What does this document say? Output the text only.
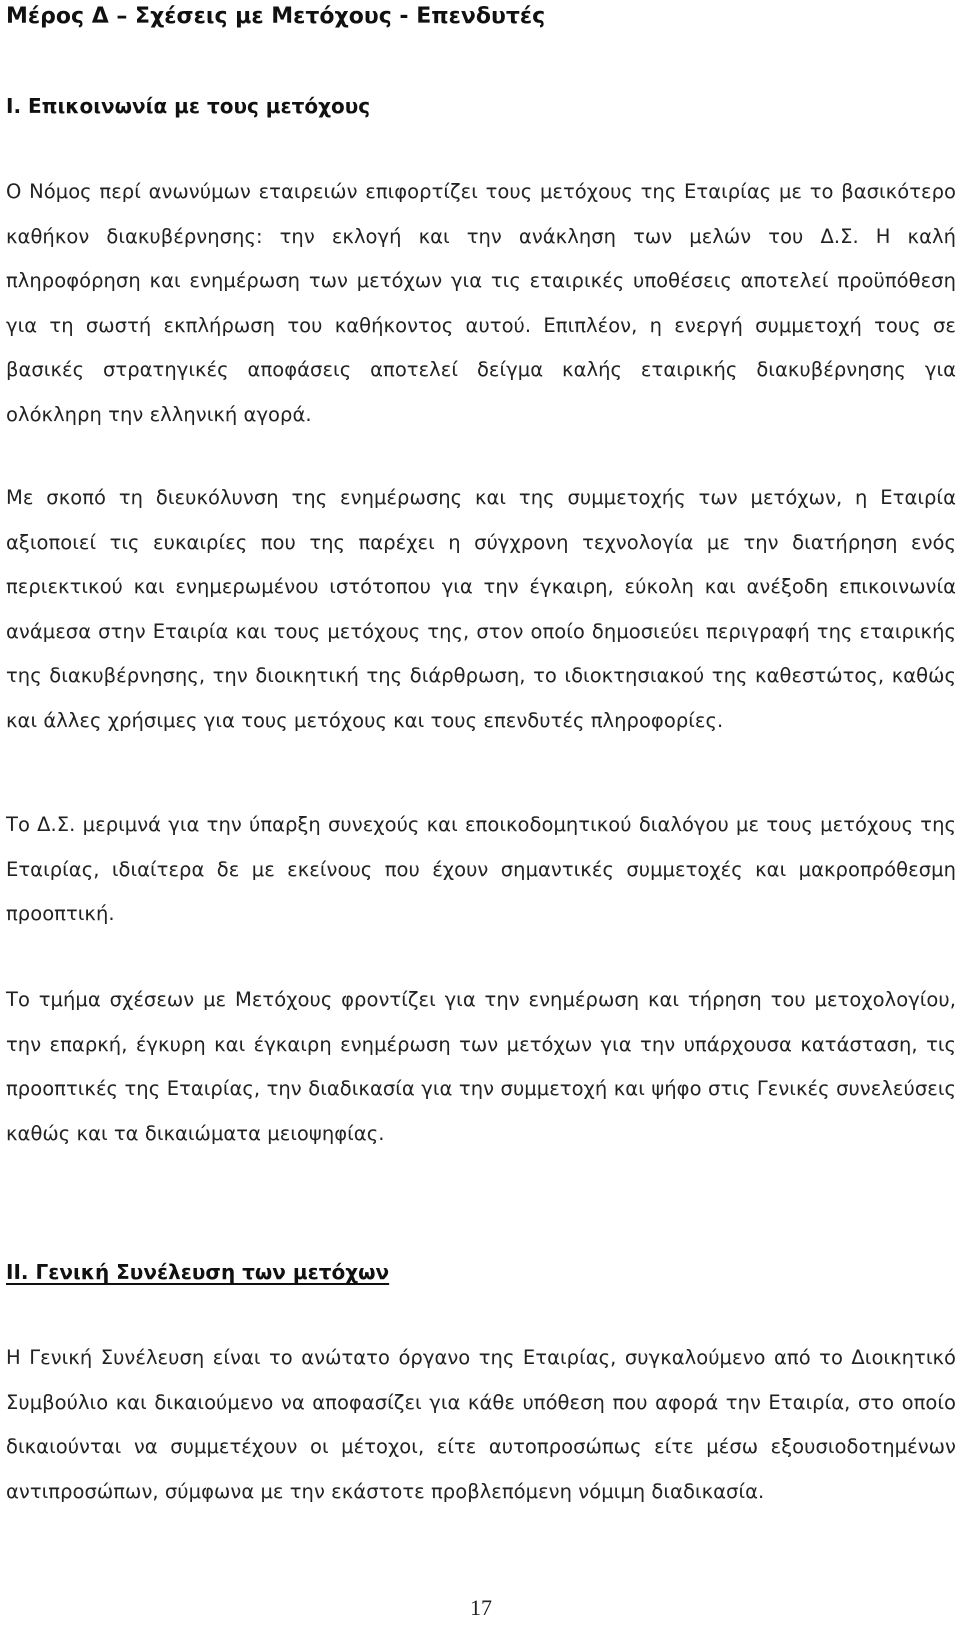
Μέρος Δ – Σχέσεις με Μετόχους - Επενδυτές
Ι. Επικοινωνία με τους μετόχους

Ο Νόμος περί ανωνύμων εταιρειών επιφορτίζει τους μετόχους της Εταιρίας με το βασικότερο καθήκον διακυβέρνησης: την εκλογή και την ανάκληση των μελών του Δ.Σ. Η καλή πληροφόρηση και ενημέρωση των μετόχων για τις εταιρικές υποθέσεις αποτελεί προϋπόθεση για τη σωστή εκπλήρωση του καθήκοντος αυτού. Επιπλέον, η ενεργή συμμετοχή τους σε βασικές στρατηγικές αποφάσεις αποτελεί δείγμα καλής εταιρικής διακυβέρνησης για ολόκληρη την ελληνική αγορά.

Με σκοπό τη διευκόλυνση της ενημέρωσης και της συμμετοχής των μετόχων, η Εταιρία αξιοποιεί τις ευκαιρίες που της παρέχει η σύγχρονη τεχνολογία με την διατήρηση ενός περιεκτικού και ενημερωμένου ιστότοπου για την έγκαιρη, εύκολη και ανέξοδη επικοινωνία ανάμεσα στην Εταιρία και τους μετόχους της, στον οποίο δημοσιεύει περιγραφή της εταιρικής της διακυβέρνησης, την διοικητική της διάρθρωση, το ιδιοκτησιακού της καθεστώτος, καθώς και άλλες χρήσιμες για τους μετόχους και τους επενδυτές πληροφορίες.

Το Δ.Σ. μεριμνά για την ύπαρξη συνεχούς και εποικοδομητικού διαλόγου με τους μετόχους της Εταιρίας, ιδιαίτερα δε με εκείνους που έχουν σημαντικές συμμετοχές και μακροπρόθεσμη προοπτική.

Το τμήμα σχέσεων με Μετόχους φροντίζει για την ενημέρωση και τήρηση του μετοχολογίου, την επαρκή, έγκυρη και έγκαιρη ενημέρωση των μετόχων για την υπάρχουσα κατάσταση, τις προοπτικές της Εταιρίας, την διαδικασία για την συμμετοχή και ψήφο στις Γενικές συνελεύσεις καθώς και τα δικαιώματα μειοψηφίας.

ΙΙ. Γενική Συνέλευση των μετόχων

Η Γενική Συνέλευση είναι το ανώτατο όργανο της Εταιρίας, συγκαλούμενο από το Διοικητικό Συμβούλιο και δικαιούμενο να αποφασίζει για κάθε υπόθεση που αφορά την Εταιρία, στο οποίο δικαιούνται να συμμετέχουν οι μέτοχοι, είτε αυτοπροσώπως είτε μέσω εξουσιοδοτημένων αντιπροσώπων, σύμφωνα με την εκάστοτε προβλεπόμενη νόμιμη διαδικασία.

17
